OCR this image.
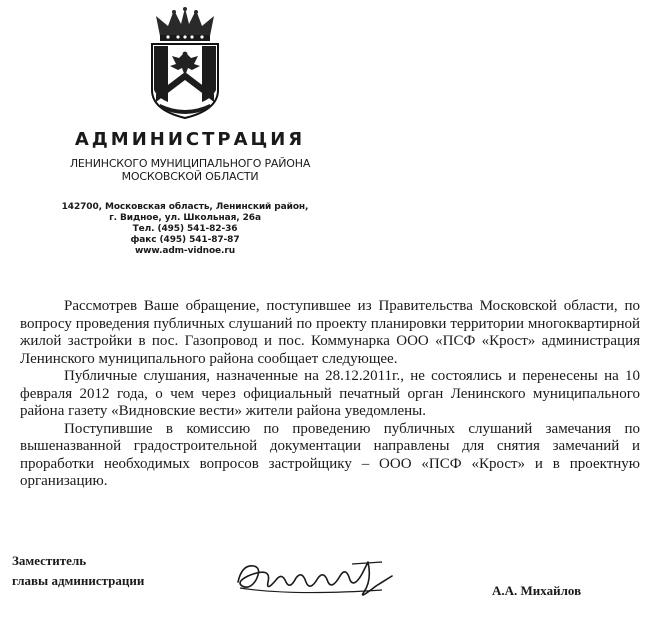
АДМИНИСТРАЦИЯ

ЛЕНИНСКОГО МУНИЦИПАЛЬНОГО РАЙОНА

МОСКОВСКОЙ ОБЛАСТИ

142700, Московская область, Ленинский район,

г. Видное, ул. Школьная, 26а

Тел. (495) 541-82-36

факс (495) 541-87-87

www.adm-vidnoe.ru

Рассмотрев Ваше обращение, поступившее из Правительства Московской области, по вопросу проведения публичных слушаний по проекту планировки территории многоквартирной жилой застройки в пос. Газопровод и пос. Коммунарка ООО «ПСФ «Крост» администрация Ленинского муниципального района сообщает следующее.

Публичные слушания, назначенные на 28.12.2011г., не состоялись и перенесены на 10 февраля 2012 года, о чем через официальный печатный орган Ленинского муниципального района газету «Видновские вести» жители района уведомлены.

Поступившие в комиссию по проведению публичных слушаний замечания по вышеназванной градостроительной документации направлены для снятия замечаний и проработки необходимых вопросов застройщику – ООО «ПСФ «Крост» и в проектную организацию.

Заместитель
главы администрации
А.А. Михайлов
